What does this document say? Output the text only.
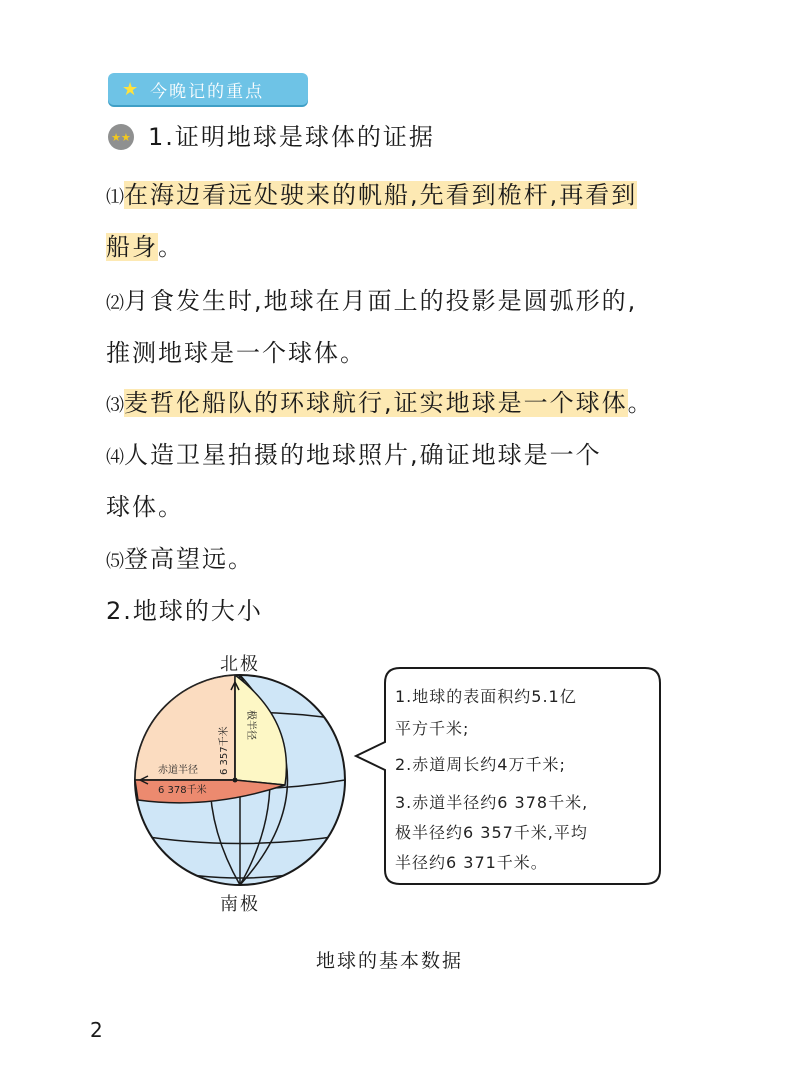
★ 今晚记的重点
★★ 1.证明地球是球体的证据
⑴在海边看远处驶来的帆船,先看到桅杆,再看到
船身。
⑵月食发生时,地球在月面上的投影是圆弧形的,
推测地球是一个球体。
⑶麦哲伦船队的环球航行,证实地球是一个球体。
⑷人造卫星拍摄的地球照片,确证地球是一个
球体。
⑸登高望远。
2.地球的大小
6 357千米
极半径
赤道半径
6 378千米
北极
南极
1.地球的表面积约5.1亿
平方千米;
2.赤道周长约4万千米;
3.赤道半径约6 378千米,
极半径约6 357千米,平均
半径约6 371千米。
地球的基本数据
2
